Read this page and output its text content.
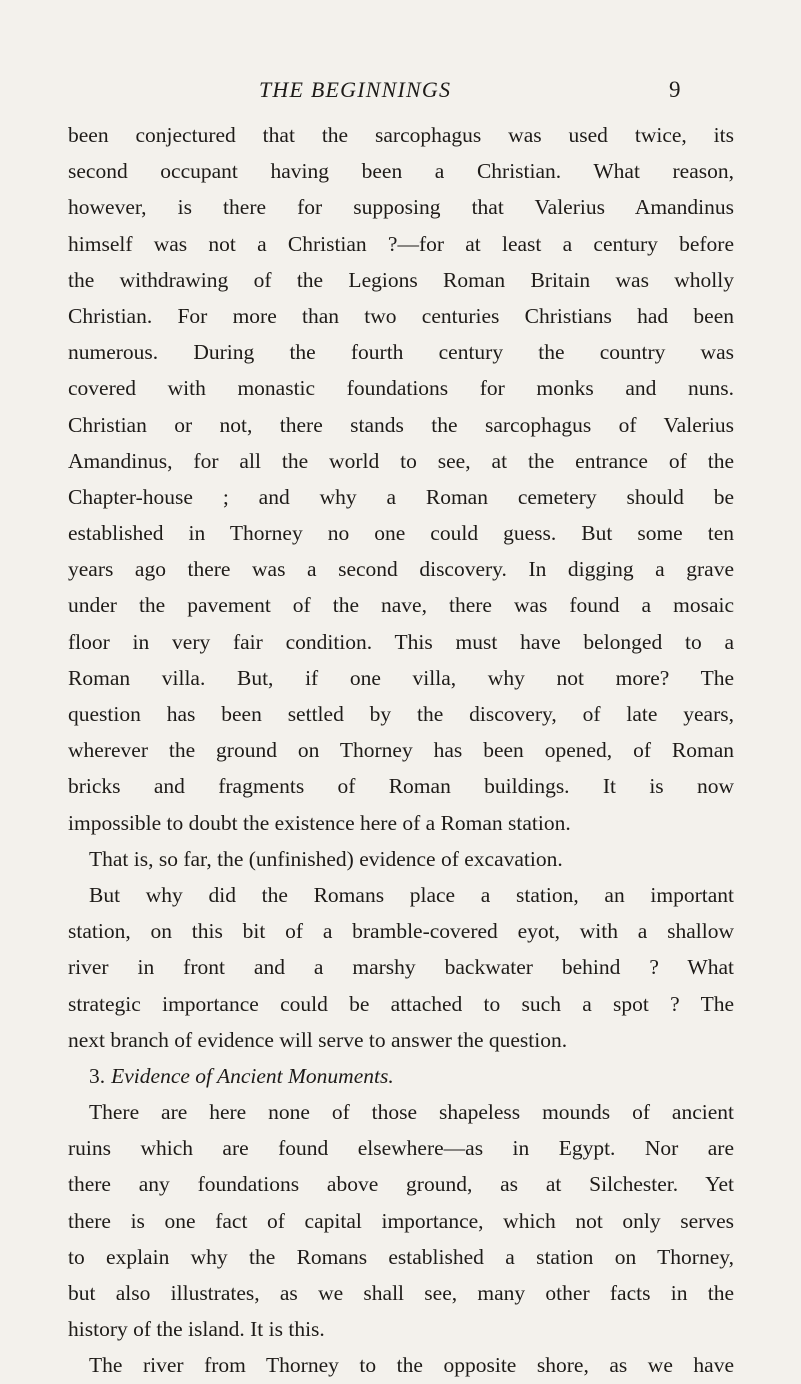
THE BEGINNINGS	9
been conjectured that the sarcophagus was used twice, its
second occupant having been a Christian. What reason,
however, is there for supposing that Valerius Amandinus
himself was not a Christian ?—for at least a century before
the withdrawing of the Legions Roman Britain was wholly
Christian. For more than two centuries Christians had been
numerous. During the fourth century the country was
covered with monastic foundations for monks and nuns.
Christian or not, there stands the sarcophagus of Valerius
Amandinus, for all the world to see, at the entrance of the
Chapter-house ; and why a Roman cemetery should be
established in Thorney no one could guess. But some ten
years ago there was a second discovery. In digging a grave
under the pavement of the nave, there was found a mosaic
floor in very fair condition. This must have belonged to a
Roman villa. But, if one villa, why not more? The
question has been settled by the discovery, of late years,
wherever the ground on Thorney has been opened, of Roman
bricks and fragments of Roman buildings. It is now
impossible to doubt the existence here of a Roman station.
That is, so far, the (unfinished) evidence of excavation.
But why did the Romans place a station, an important
station, on this bit of a bramble-covered eyot, with a shallow
river in front and a marshy backwater behind ? What
strategic importance could be attached to such a spot ? The
next branch of evidence will serve to answer the question.
3. Evidence of Ancient Monuments.
There are here none of those shapeless mounds of ancient
ruins which are found elsewhere—as in Egypt. Nor are
there any foundations above ground, as at Silchester. Yet
there is one fact of capital importance, which not only serves
to explain why the Romans established a station on Thorney,
but also illustrates, as we shall see, many other facts in the
history of the island. It is this.
The river from Thorney to the opposite shore, as we have
